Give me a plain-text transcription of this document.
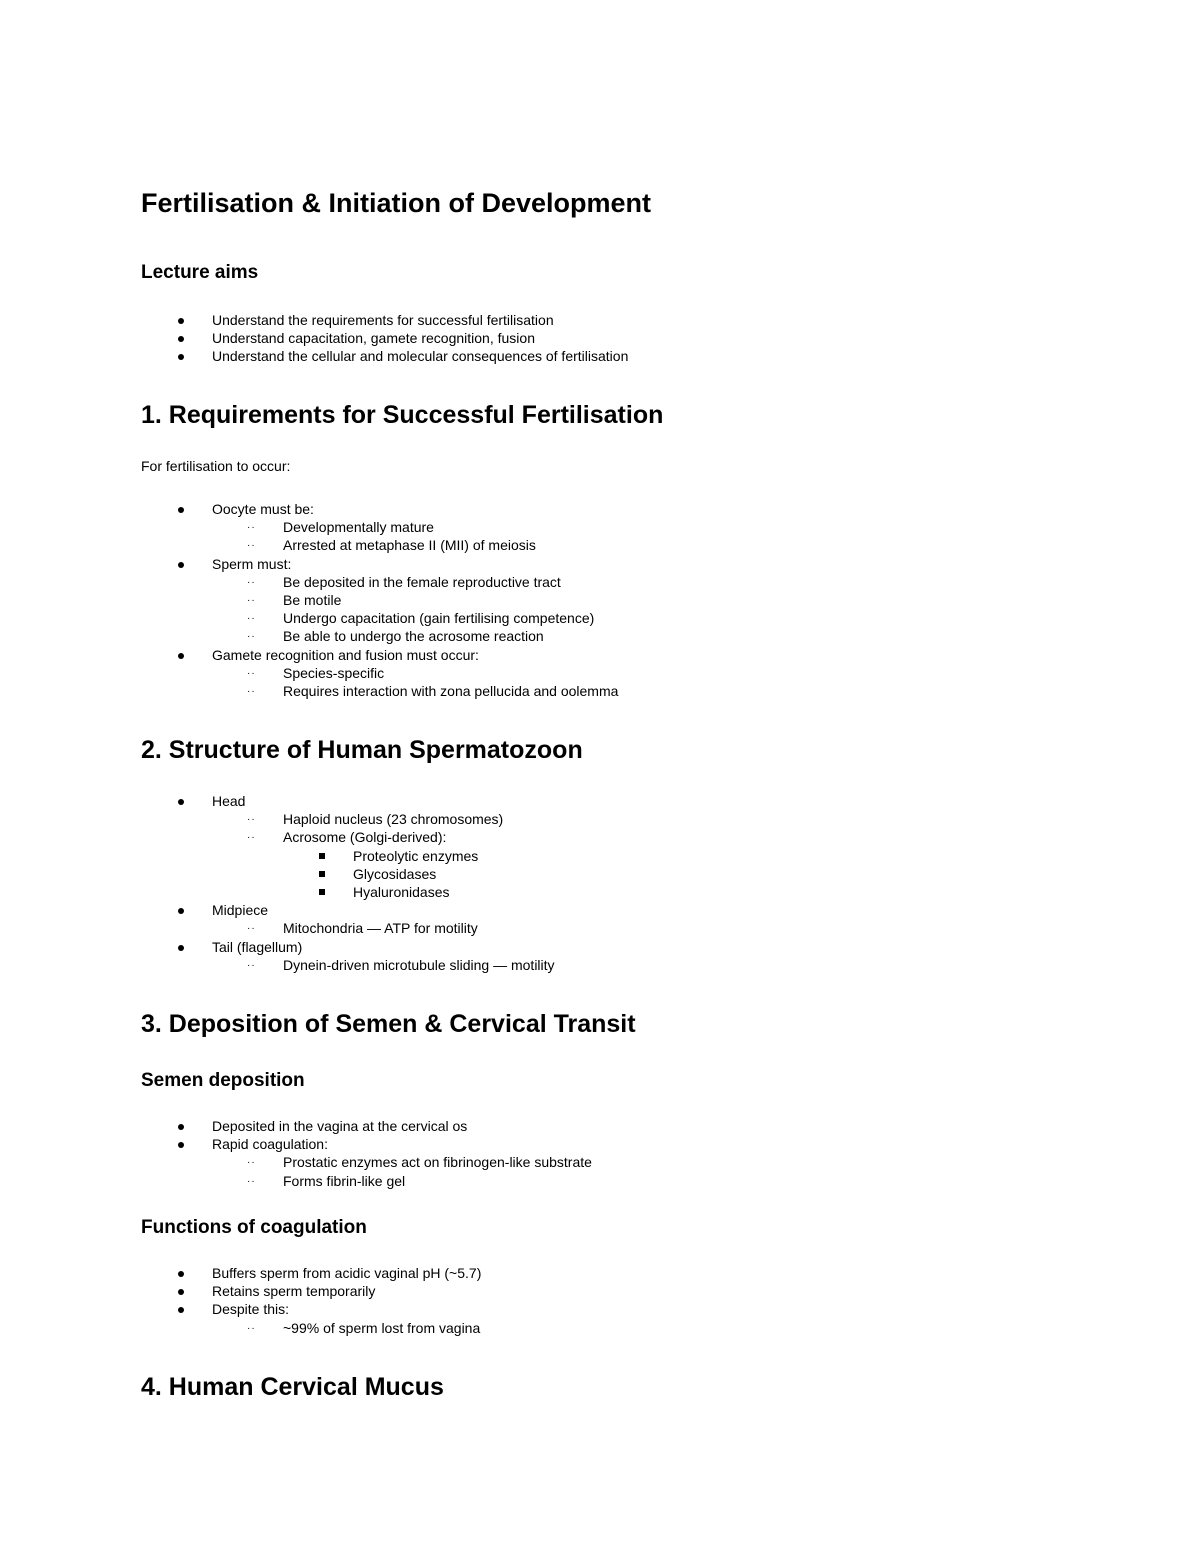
Fertilisation & Initiation of Development
Lecture aims
Understand the requirements for successful fertilisation
Understand capacitation, gamete recognition, fusion
Understand the cellular and molecular consequences of fertilisation
1. Requirements for Successful Fertilisation

For fertilisation to occur:

Oocyte must be:
·· Developmentally mature
·· Arrested at metaphase II (MII) of meiosis
Sperm must:
·· Be deposited in the female reproductive tract
·· Be motile
·· Undergo capacitation (gain fertilising competence)
·· Be able to undergo the acrosome reaction
Gamete recognition and fusion must occur:
·· Species-specific
·· Requires interaction with zona pellucida and oolemma
2. Structure of Human Spermatozoon
Head
·· Haploid nucleus (23 chromosomes)
·· Acrosome (Golgi-derived):
Proteolytic enzymes
Glycosidases
Hyaluronidases
Midpiece
·· Mitochondria — ATP for motility
Tail (flagellum)
·· Dynein-driven microtubule sliding — motility
3. Deposition of Semen & Cervical Transit
Semen deposition
Deposited in the vagina at the cervical os
Rapid coagulation:
·· Prostatic enzymes act on fibrinogen-like substrate
·· Forms fibrin-like gel
Functions of coagulation
Buffers sperm from acidic vaginal pH (~5.7)
Retains sperm temporarily
Despite this:
·· ~99% of sperm lost from vagina
4. Human Cervical Mucus
